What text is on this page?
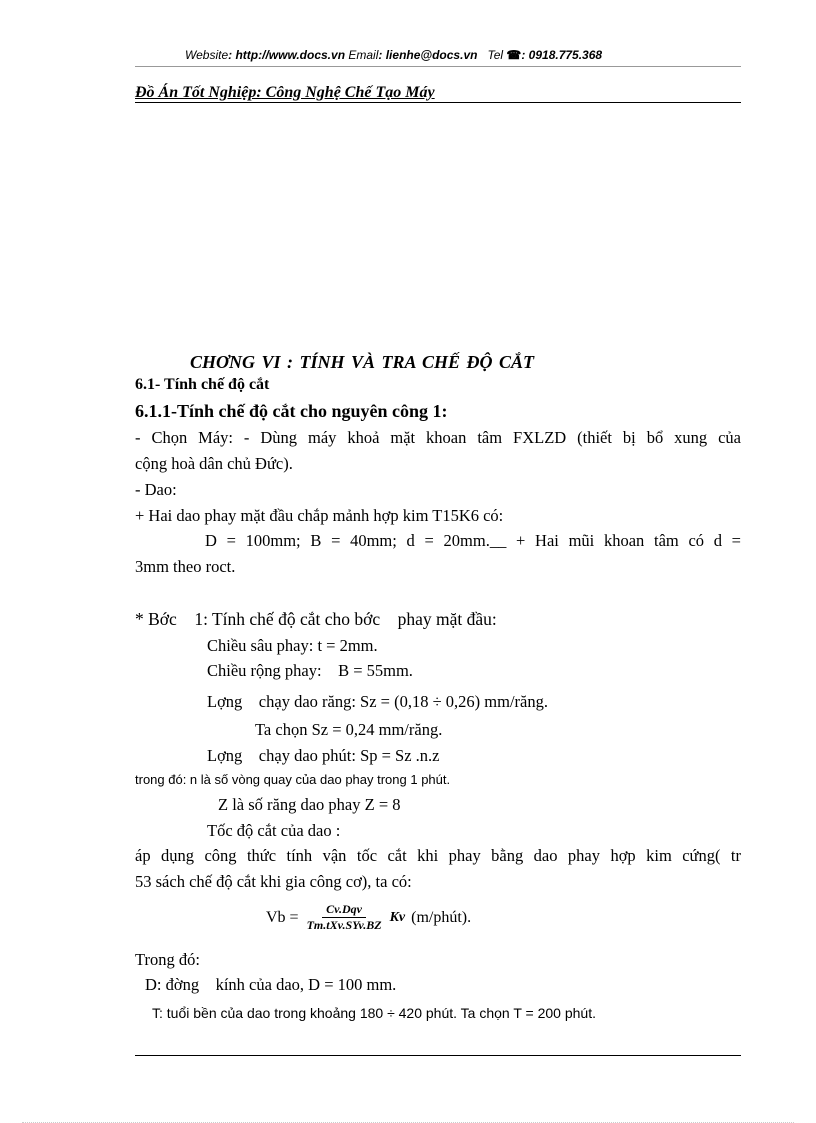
Website: http://www.docs.vn Email: lienhe@docs.vn Tel ☎: 0918.775.368
Đồ Án Tốt Nghiệp: Công Nghệ Chế Tạo Máy
CHƠNG VI : TÍNH VÀ TRA CHẾ ĐỘ CẮT
6.1- Tính chế độ cắt
6.1.1-Tính chế độ cắt cho nguyên công 1:
- Chọn Máy: - Dùng máy khoả mặt khoan tâm FXLZD (thiết bị bổ xung của
cộng hoà dân chủ Đức).
- Dao:
+ Hai dao phay mặt đầu chắp mảnh hợp kim T15K6 có:
D = 100mm; B = 40mm; d = 20mm.__ + Hai mũi khoan tâm có d =
3mm theo roct.
* Bớc    1: Tính chế độ cắt cho bớc    phay mặt đầu:
Chiều sâu phay: t = 2mm.
Chiều rộng phay:    B = 55mm.
Lợng    chạy dao răng: Sz = (0,18 ÷ 0,26) mm/răng.
Ta chọn Sz = 0,24 mm/răng.
Lợng    chạy dao phút: Sp = Sz .n.z
trong đó: n là số vòng quay của dao phay trong 1 phút.
Z là số răng dao phay Z = 8
Tốc độ cắt của dao :
áp dụng công thức tính vận tốc cắt khi phay bằng dao phay hợp kim cứng( tr
53 sách chế độ cắt khi gia công cơ), ta có:
$Vb = \frac{\text{Cv.Dqv}}{\text{Tm.tXv.SYv.BZ}}$ Kv (m/phút).
Trong đó:
D: đờng    kính của dao, D = 100 mm.
T: tuổi bền của dao trong khoảng 180 ÷ 420 phút. Ta chọn T = 200 phút.
